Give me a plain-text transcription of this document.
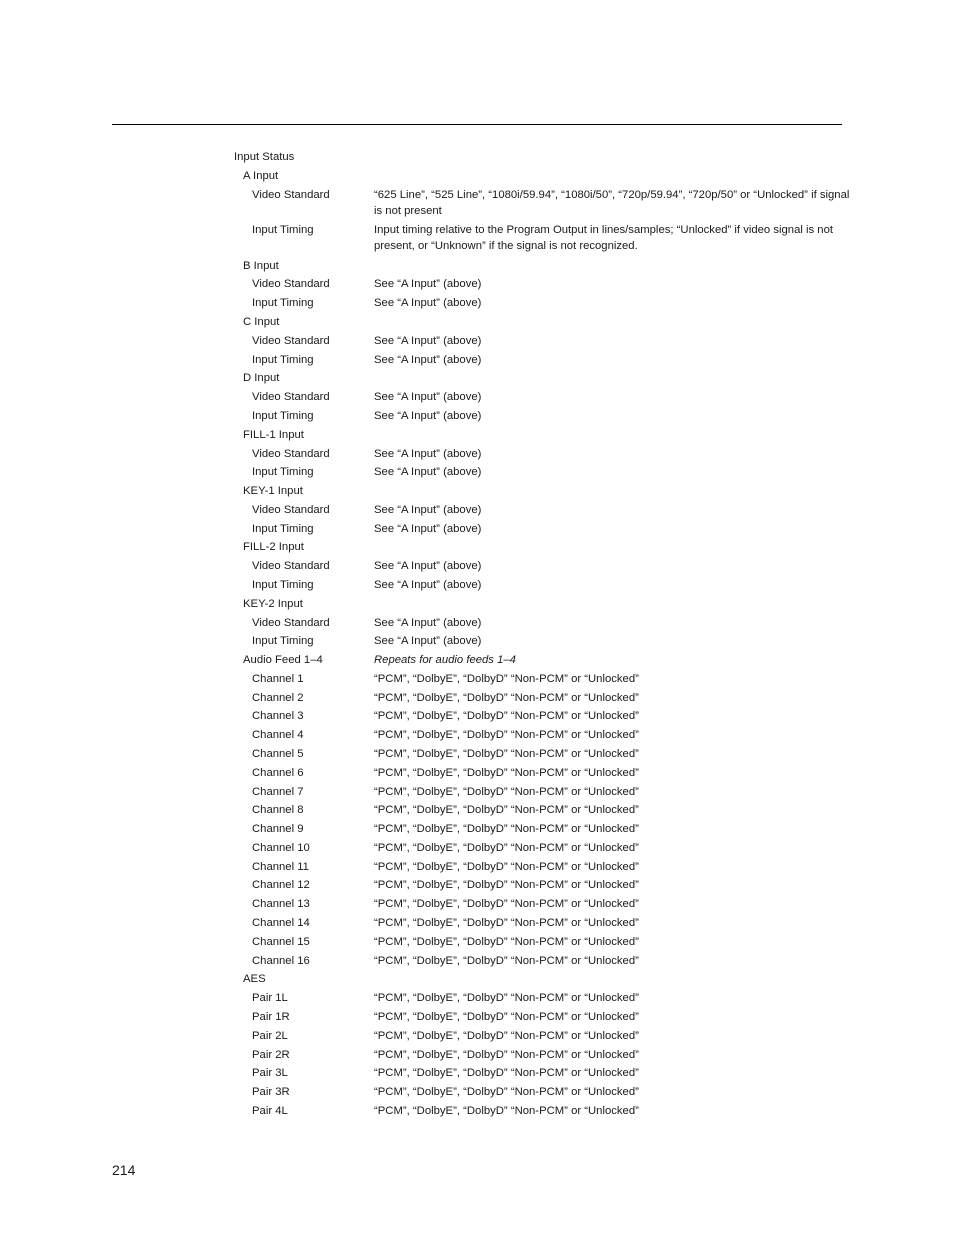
Input Status
A Input
Video Standard	“625 Line”, “525 Line”, “1080i/59.94”, “1080i/50”, “720p/59.94”, “720p/50” or “Unlocked” if signal is not present
Input Timing	Input timing relative to the Program Output in lines/samples; “Unlocked” if video signal is not present, or “Unknown” if the signal is not recognized.
B Input
Video Standard	See “A Input” (above)
Input Timing	See “A Input” (above)
C Input
Video Standard	See “A Input” (above)
Input Timing	See “A Input” (above)
D Input
Video Standard	See “A Input” (above)
Input Timing	See “A Input” (above)
FILL-1 Input
Video Standard	See “A Input” (above)
Input Timing	See “A Input” (above)
KEY-1 Input
Video Standard	See “A Input” (above)
Input Timing	See “A Input” (above)
FILL-2 Input
Video Standard	See “A Input” (above)
Input Timing	See “A Input” (above)
KEY-2 Input
Video Standard	See “A Input” (above)
Input Timing	See “A Input” (above)
Audio Feed 1–4	Repeats for audio feeds 1–4
Channel 1	“PCM”, “DolbyE”, “DolbyD” “Non-PCM” or “Unlocked”
Channel 2	“PCM”, “DolbyE”, “DolbyD” “Non-PCM” or “Unlocked”
Channel 3	“PCM”, “DolbyE”, “DolbyD” “Non-PCM” or “Unlocked”
Channel 4	“PCM”, “DolbyE”, “DolbyD” “Non-PCM” or “Unlocked”
Channel 5	“PCM”, “DolbyE”, “DolbyD” “Non-PCM” or “Unlocked”
Channel 6	“PCM”, “DolbyE”, “DolbyD” “Non-PCM” or “Unlocked”
Channel 7	“PCM”, “DolbyE”, “DolbyD” “Non-PCM” or “Unlocked”
Channel 8	“PCM”, “DolbyE”, “DolbyD” “Non-PCM” or “Unlocked”
Channel 9	“PCM”, “DolbyE”, “DolbyD” “Non-PCM” or “Unlocked”
Channel 10	“PCM”, “DolbyE”, “DolbyD” “Non-PCM” or “Unlocked”
Channel 11	“PCM”, “DolbyE”, “DolbyD” “Non-PCM” or “Unlocked”
Channel 12	“PCM”, “DolbyE”, “DolbyD” “Non-PCM” or “Unlocked”
Channel 13	“PCM”, “DolbyE”, “DolbyD” “Non-PCM” or “Unlocked”
Channel 14	“PCM”, “DolbyE”, “DolbyD” “Non-PCM” or “Unlocked”
Channel 15	“PCM”, “DolbyE”, “DolbyD” “Non-PCM” or “Unlocked”
Channel 16	“PCM”, “DolbyE”, “DolbyD” “Non-PCM” or “Unlocked”
AES
Pair 1L	“PCM”, “DolbyE”, “DolbyD” “Non-PCM” or “Unlocked”
Pair 1R	“PCM”, “DolbyE”, “DolbyD” “Non-PCM” or “Unlocked”
Pair 2L	“PCM”, “DolbyE”, “DolbyD” “Non-PCM” or “Unlocked”
Pair 2R	“PCM”, “DolbyE”, “DolbyD” “Non-PCM” or “Unlocked”
Pair 3L	“PCM”, “DolbyE”, “DolbyD” “Non-PCM” or “Unlocked”
Pair 3R	“PCM”, “DolbyE”, “DolbyD” “Non-PCM” or “Unlocked”
Pair 4L	“PCM”, “DolbyE”, “DolbyD” “Non-PCM” or “Unlocked”
214
